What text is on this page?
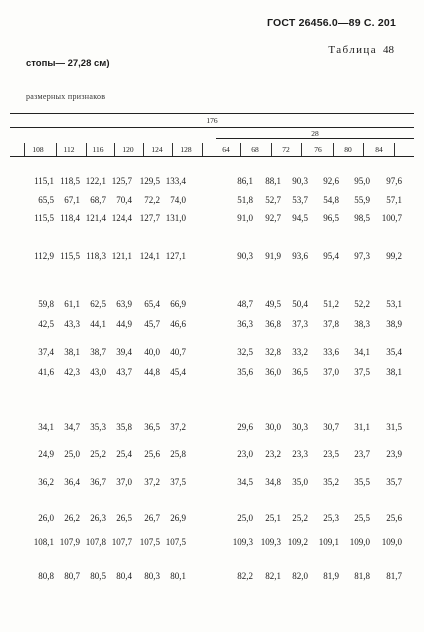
ГОСТ 26456.0—89 С. 201
Таблица 48
стопы— 27,28 см)
размерных признаков
176
28
108	112	116	120	124	128	64	68	72	76	80	84
115,1 118,5 122,1 125,7 129,5 133,4	86,1 88,1 90,3 92,6 95,0 97,6
65,5 67,1 68,7 70,4 72,2 74,0	51,8 52,7 53,7 54,8 55,9 57,1
115,5 118,4 121,4 124,4 127,7 131,0	91,0 92,7 94,5 96,5 98,5 100,7
112,9 115,5 118,3 121,1 124,1 127,1	90,3 91,9 93,6 95,4 97,3 99,2
59,8 61,1 62,5 63,9 65,4 66,9	48,7 49,5 50,4 51,2 52,2 53,1
42,5 43,3 44,1 44,9 45,7 46,6	36,3 36,8 37,3 37,8 38,3 38,9
37,4 38,1 38,7 39,4 40,0 40,7	32,5 32,8 33,2 33,6 34,1 35,4
41,6 42,3 43,0 43,7 44,8 45,4	35,6 36,0 36,5 37,0 37,5 38,1
34,1 34,7 35,3 35,8 36,5 37,2	29,6 30,0 30,3 30,7 31,1 31,5
24,9 25,0 25,2 25,4 25,6 25,8	23,0 23,2 23,3 23,5 23,7 23,9
36,2 36,4 36,7 37,0 37,2 37,5	34,5 34,8 35,0 35,2 35,5 35,7
26,0 26,2 26,3 26,5 26,7 26,9	25,0 25,1 25,2 25,3 25,5 25,6
108,1 107,9 107,8 107,7 107,5 107,5	109,3 109,3 109,2 109,1 109,0 109,0
80,8 80,7 80,5 80,4 80,3 80,1	82,2 82,1 82,0 81,9 81,8 81,7
